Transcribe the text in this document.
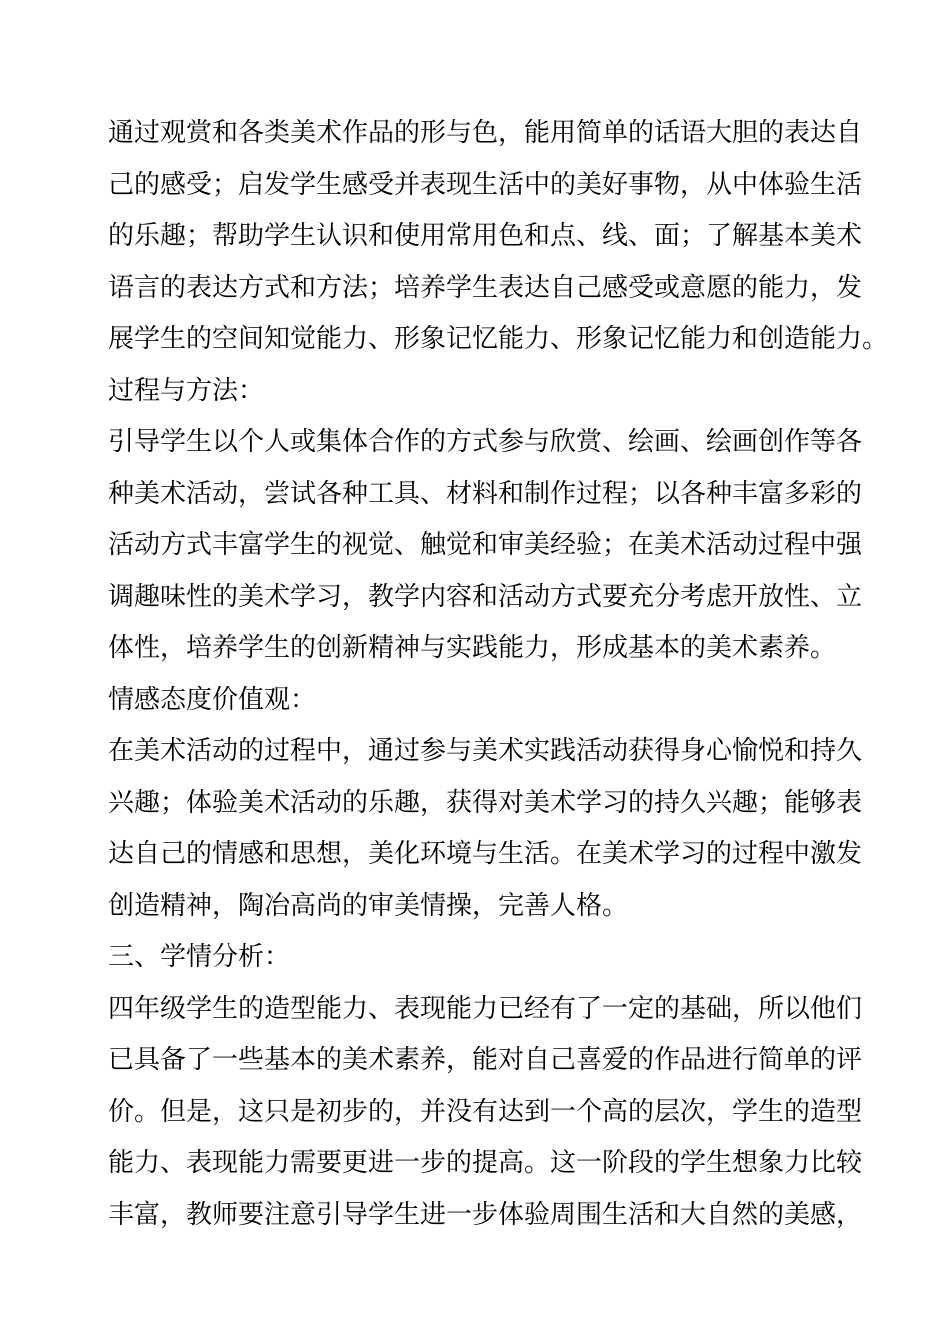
通过观赏和各类美术作品的形与色，能用简单的话语大胆的表达自
己的感受；启发学生感受并表现生活中的美好事物，从中体验生活
的乐趣；帮助学生认识和使用常用色和点、线、面；了解基本美术
语言的表达方式和方法；培养学生表达自己感受或意愿的能力，发
展学生的空间知觉能力、形象记忆能力、形象记忆能力和创造能力。
过程与方法：
引导学生以个人或集体合作的方式参与欣赏、绘画、绘画创作等各
种美术活动，尝试各种工具、材料和制作过程；以各种丰富多彩的
活动方式丰富学生的视觉、触觉和审美经验；在美术活动过程中强
调趣味性的美术学习，教学内容和活动方式要充分考虑开放性、立
体性，培养学生的创新精神与实践能力，形成基本的美术素养。
情感态度价值观：
在美术活动的过程中，通过参与美术实践活动获得身心愉悦和持久
兴趣；体验美术活动的乐趣，获得对美术学习的持久兴趣；能够表
达自己的情感和思想，美化环境与生活。在美术学习的过程中激发
创造精神，陶冶高尚的审美情操，完善人格。
三、学情分析：
四年级学生的造型能力、表现能力已经有了一定的基础，所以他们
已具备了一些基本的美术素养，能对自己喜爱的作品进行简单的评
价。但是，这只是初步的，并没有达到一个高的层次，学生的造型
能力、表现能力需要更进一步的提高。这一阶段的学生想象力比较
丰富，教师要注意引导学生进一步体验周围生活和大自然的美感，
